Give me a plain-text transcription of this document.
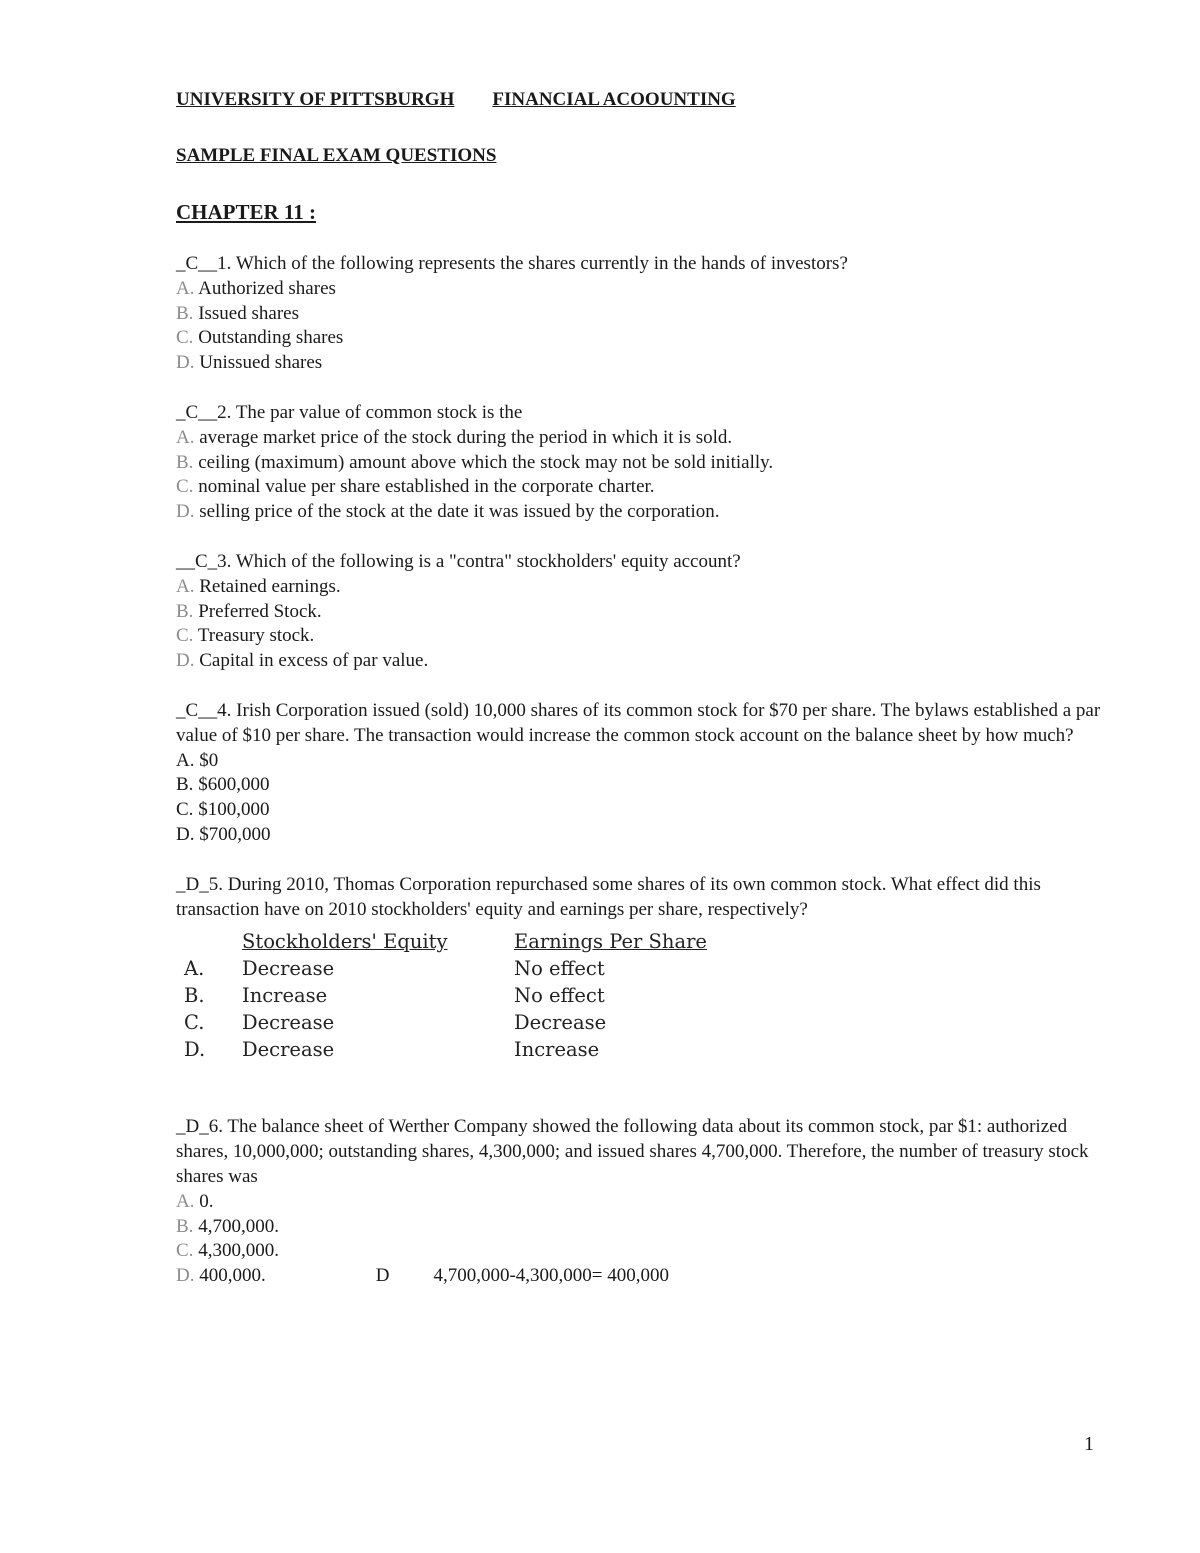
UNIVERSITY OF PITTSBURGH FINANCIAL ACOOUNTING
SAMPLE FINAL EXAM QUESTIONS
CHAPTER 11 :

_C__1. Which of the following represents the shares currently in the hands of investors?

A. Authorized shares

B. Issued shares

C. Outstanding shares

D. Unissued shares

_C__2. The par value of common stock is the

A. average market price of the stock during the period in which it is sold.

B. ceiling (maximum) amount above which the stock may not be sold initially.

C. nominal value per share established in the corporate charter.

D. selling price of the stock at the date it was issued by the corporation.

__C_3. Which of the following is a "contra" stockholders' equity account?

A. Retained earnings.

B. Preferred Stock.

C. Treasury stock.

D. Capital in excess of par value.

_C__4. Irish Corporation issued (sold) 10,000 shares of its common stock for $70 per share. The bylaws established a par value of $10 per share. The transaction would increase the common stock account on the balance sheet by how much?

A. $0

B. $600,000

C. $100,000

D. $700,000

_D_5. During 2010, Thomas Corporation repurchased some shares of its own common stock. What effect did this transaction have on 2010 stockholders' equity and earnings per share, respectively?

	Stockholders' Equity	Earnings Per Share
A.	Decrease	No effect
B.	Increase	No effect
C.	Decrease	Decrease
D.	Decrease	Increase

_D_6. The balance sheet of Werther Company showed the following data about its common stock, par $1: authorized shares, 10,000,000; outstanding shares, 4,300,000; and issued shares 4,700,000. Therefore, the number of treasury stock shares was

A. 0.

B. 4,700,000.

C. 4,300,000.

D. 400,000.	D 4,700,000-4,300,000= 400,000

1
